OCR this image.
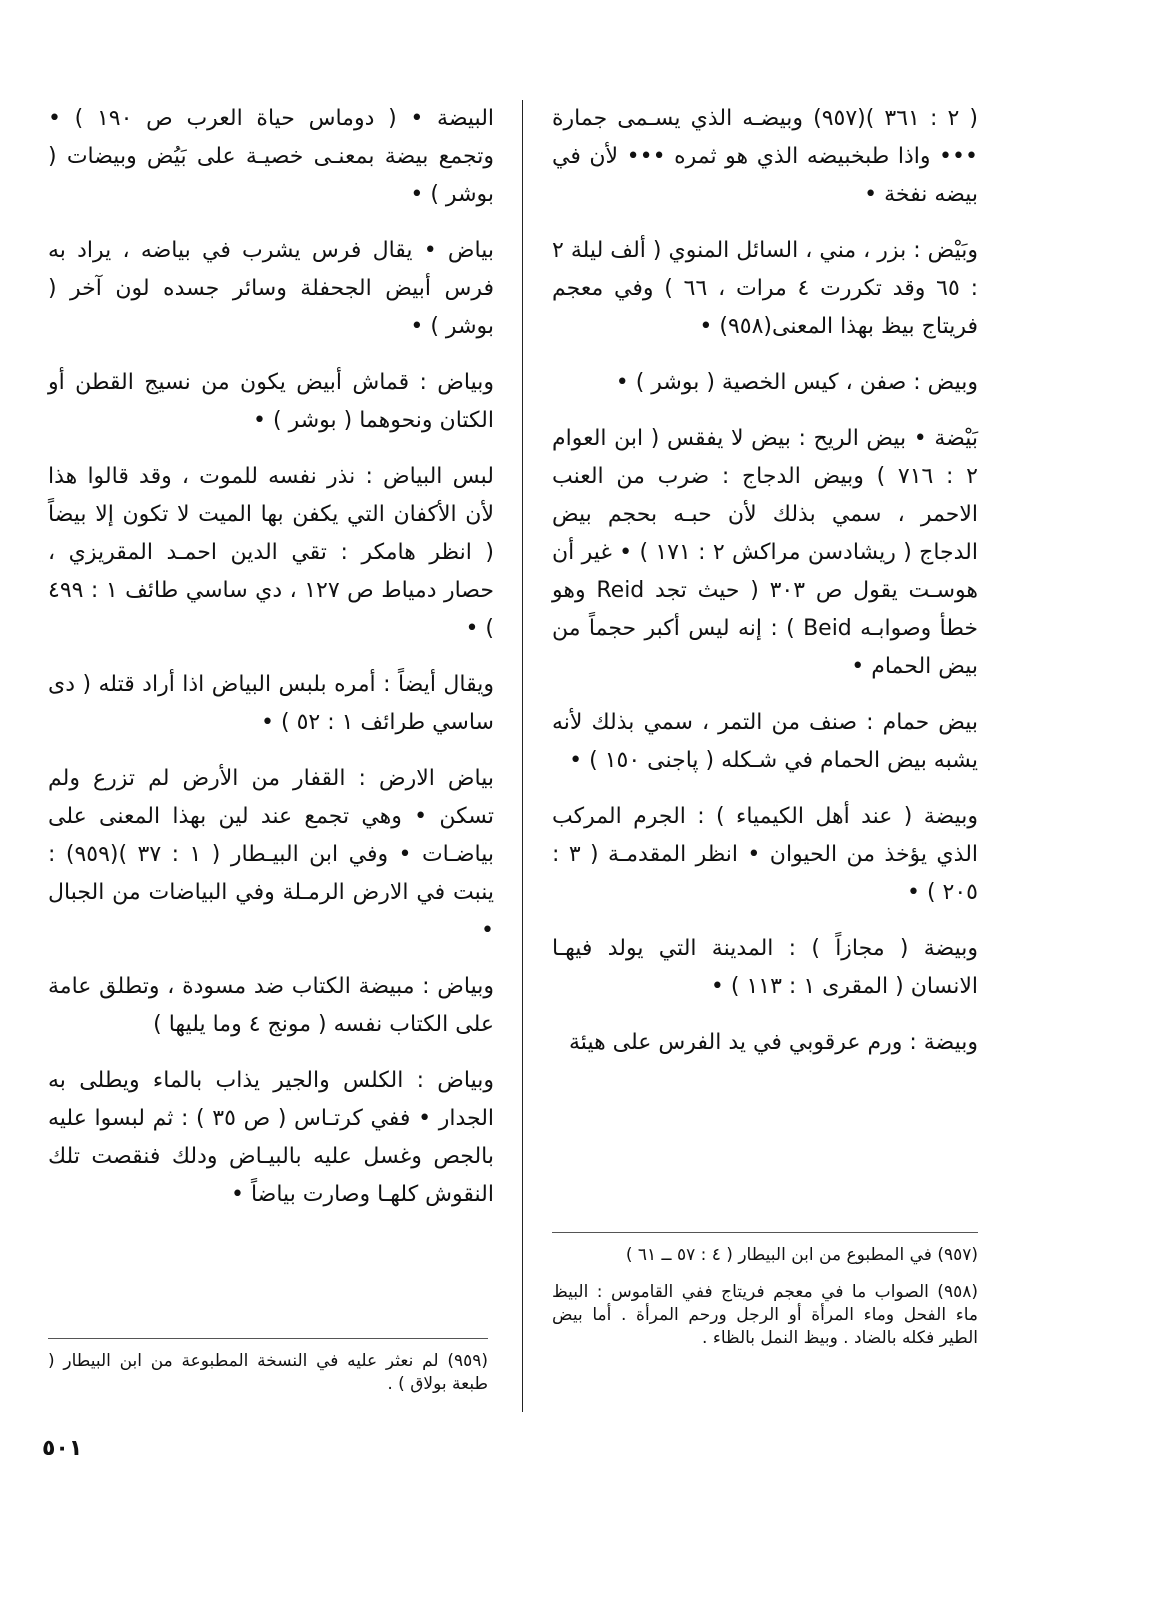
( ٢ : ٣٦١ )(٩٥٧) وبيضـه الذي يسـمى جمارة ••• واذا طبخبيضه الذي هو ثمره ••• لأن في بيضه نفخة •

وبَيْض : بزر ، مني ، السائل المنوي ( ألف ليلة ٢ : ٦٥ وقد تكررت ٤ مرات ، ٦٦ ) وفي معجم فريتاج بيظ بهذا المعنى(٩٥٨) •

وبيض : صفن ، كيس الخصية ( بوشر ) •

بَيْضة • بيض الريح : بيض لا يفقس ( ابن العوام ٢ : ٧١٦ ) وبيض الدجاج : ضرب من العنب الاحمر ، سمي بذلك لأن حبـه بحجم بيض الدجاج ( ريشادسن مراكش ٢ : ١٧١ ) • غير أن هوسـت يقول ص ٣٠٣ ( حيث تجد Reid وهو خطأ وصوابـه Beid ) : إنه ليس أكبر حجماً من بيض الحمام •

بيض حمام : صنف من التمر ، سمي بذلك لأنه يشبه بيض الحمام في شـكله ( پاجنى ١٥٠ ) •

وبيضة ( عند أهل الكيمياء ) : الجرم المركب الذي يؤخذ من الحيوان • انظر المقدمـة ( ٣ : ٢٠٥ ) •

وبيضة ( مجازاً ) : المدينة التي يولد فيهـا الانسان ( المقرى ١ : ١١٣ ) •

وبيضة : ورم عرقوبي في يد الفرس على هيئة

البيضة • ( دوماس حياة العرب ص ١٩٠ ) • وتجمع بيضة بمعنـى خصيـة على بَيُض وبيضات ( بوشر ) •

بياض • يقال فرس يشرب في بياضه ، يراد به فرس أبيض الجحفلة وسائر جسده لون آخر ( بوشر ) •

وبياض : قماش أبيض يكون من نسيج القطن أو الكتان ونحوهما ( بوشر ) •

لبس البياض : نذر نفسه للموت ، وقد قالوا هذا لأن الأكفان التي يكفن بها الميت لا تكون إلا بيضاً ( انظر هامكر : تقي الدين احمـد المقريزي ، حصار دمياط ص ١٢٧ ، دي ساسي طائف ١ : ٤٩٩ ) •

ويقال أيضاً : أمره بلبس البياض اذا أراد قتله ( دى ساسي طرائف ١ : ٥٢ ) •

بياض الارض : القفار من الأرض لم تزرع ولم تسكن • وهي تجمع عند لين بهذا المعنى على بياضـات • وفي ابن البيـطار ( ١ : ٣٧ )(٩٥٩) : ينبت في الارض الرمـلة وفي البياضات من الجبال •

وبياض : مبيضة الكتاب ضد مسودة ، وتطلق عامة على الكتاب نفسه ( مونج ٤ وما يليها )

وبياض : الكلس والجير يذاب بالماء ويطلى به الجدار • ففي كرتـاس ( ص ٣٥ ) : ثم لبسوا عليه بالجص وغسل عليه بالبيـاض ودلك فنقصت تلك النقوش كلهـا وصارت بياضاً •

(٩٥٧) في المطبوع من ابن البيطار ( ٤ : ٥٧ ــ ٦١ )

(٩٥٨) الصواب ما في معجم فريتاج ففي القاموس : البيظ ماء الفحل وماء المرأة أو الرجل ورحم المرأة . أما بيض الطير فكله بالضاد . وبيظ النمل بالظاء .

(٩٥٩) لم نعثر عليه في النسخة المطبوعة من ابن البيطار ( طبعة بولاق ) .

٥٠١
